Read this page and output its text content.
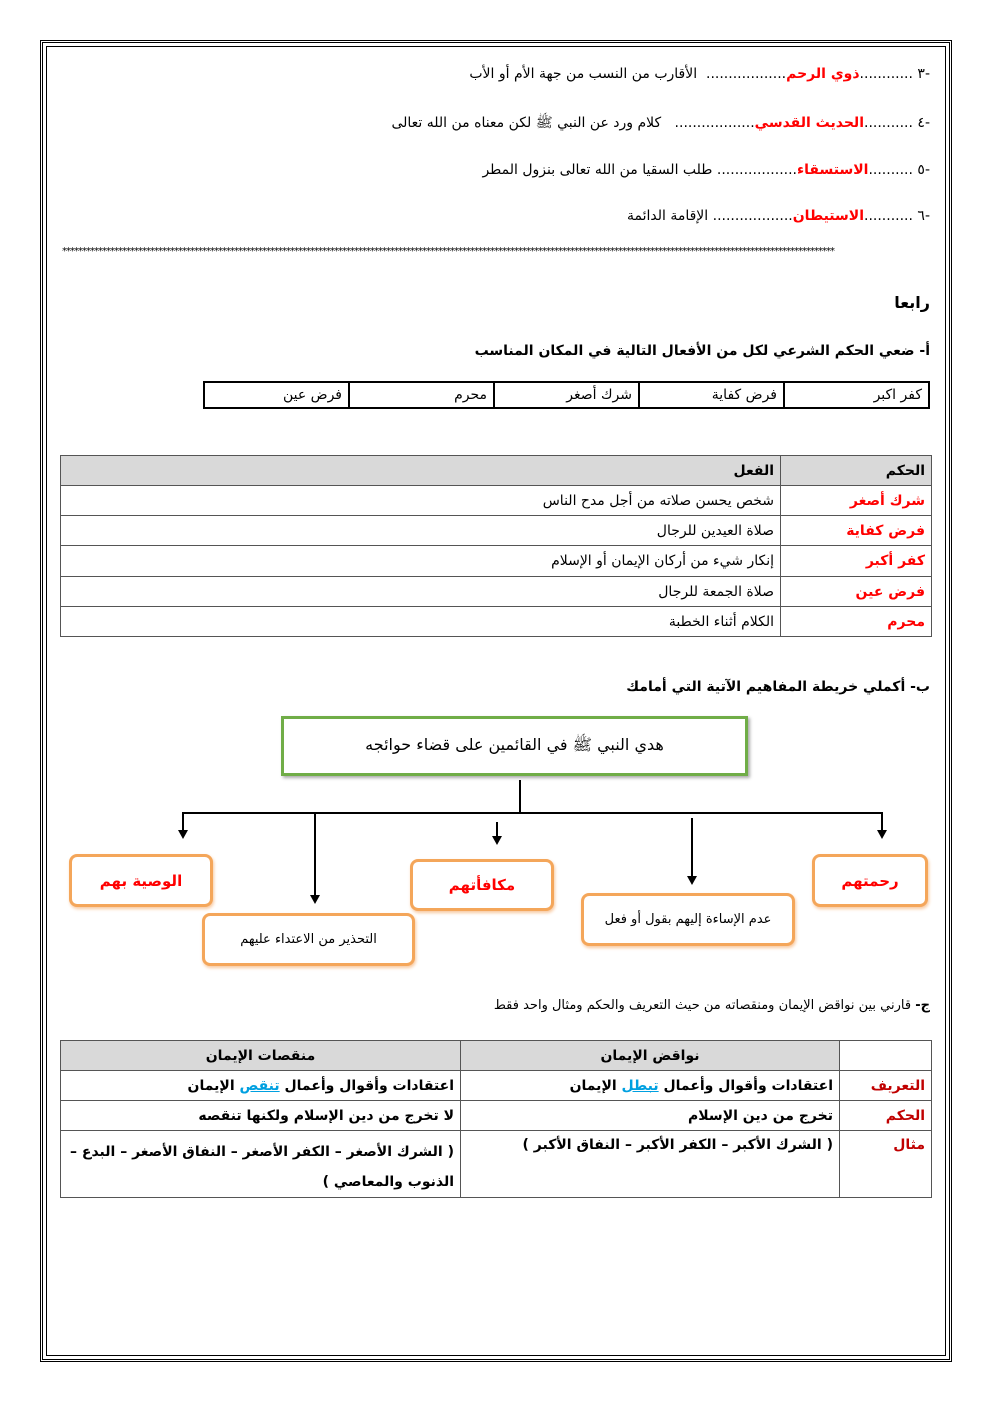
-٣ ............ذوي الرحم..................  الأقارب من النسب من جهة الأم أو الأب
-٤ ...........الحديث القدسي..................   كلام ورد عن النبي ﷺ لكن معناه من الله تعالى
-٥ ..........الاستسقاء.................. طلب السقيا من الله تعالى بنزول المطر
-٦ ...........الاستيطان.................. الإقامة الدائمة
*************************************************************************************************************************************************************************************************
رابعا
أ- ضعي الحكم الشرعي لكل من الأفعال التالية في المكان المناسب
كفر اكبر	فرض كفاية	شرك أصغر	محرم	فرض عين
الحكم	الفعل
شرك أصغر	شخص يحسن صلاته من أجل مدح الناس
فرض كفاية	صلاة العيدين للرجال
كفر أكبر	إنكار شيء من أركان الإيمان أو الإسلام
فرض عين	صلاة الجمعة للرجال
محرم	الكلام أثناء الخطبة
ب- أكملي خريطة المفاهيم الآتية التي أمامك
هدي النبي ﷺ في القائمين على قضاء حوائجه
رحمتهم
عدم الإساءة إليهم بقول أو فعل
مكافأتهم
التحذير من الاعتداء عليهم
الوصية بهم
ج- قارني بين نواقض الإيمان ومنقصاته من حيث التعريف والحكم ومثال واحد فقط
	نواقض الإيمان	منقصات الإيمان
التعريف	اعتقادات وأقوال وأعمال تبطل الإيمان	اعتقادات وأقوال وأعمال تنقص الإيمان
الحكم	تخرج من دين الإسلام	لا تخرج من دين الإسلام ولكنها تنقصه
مثال	( الشرك الأكبر – الكفر الأكبر – النفاق الأكبر )	( الشرك الأصغر – الكفر الأصغر – النفاق الأصغر – البدع – الذنوب والمعاصي )
